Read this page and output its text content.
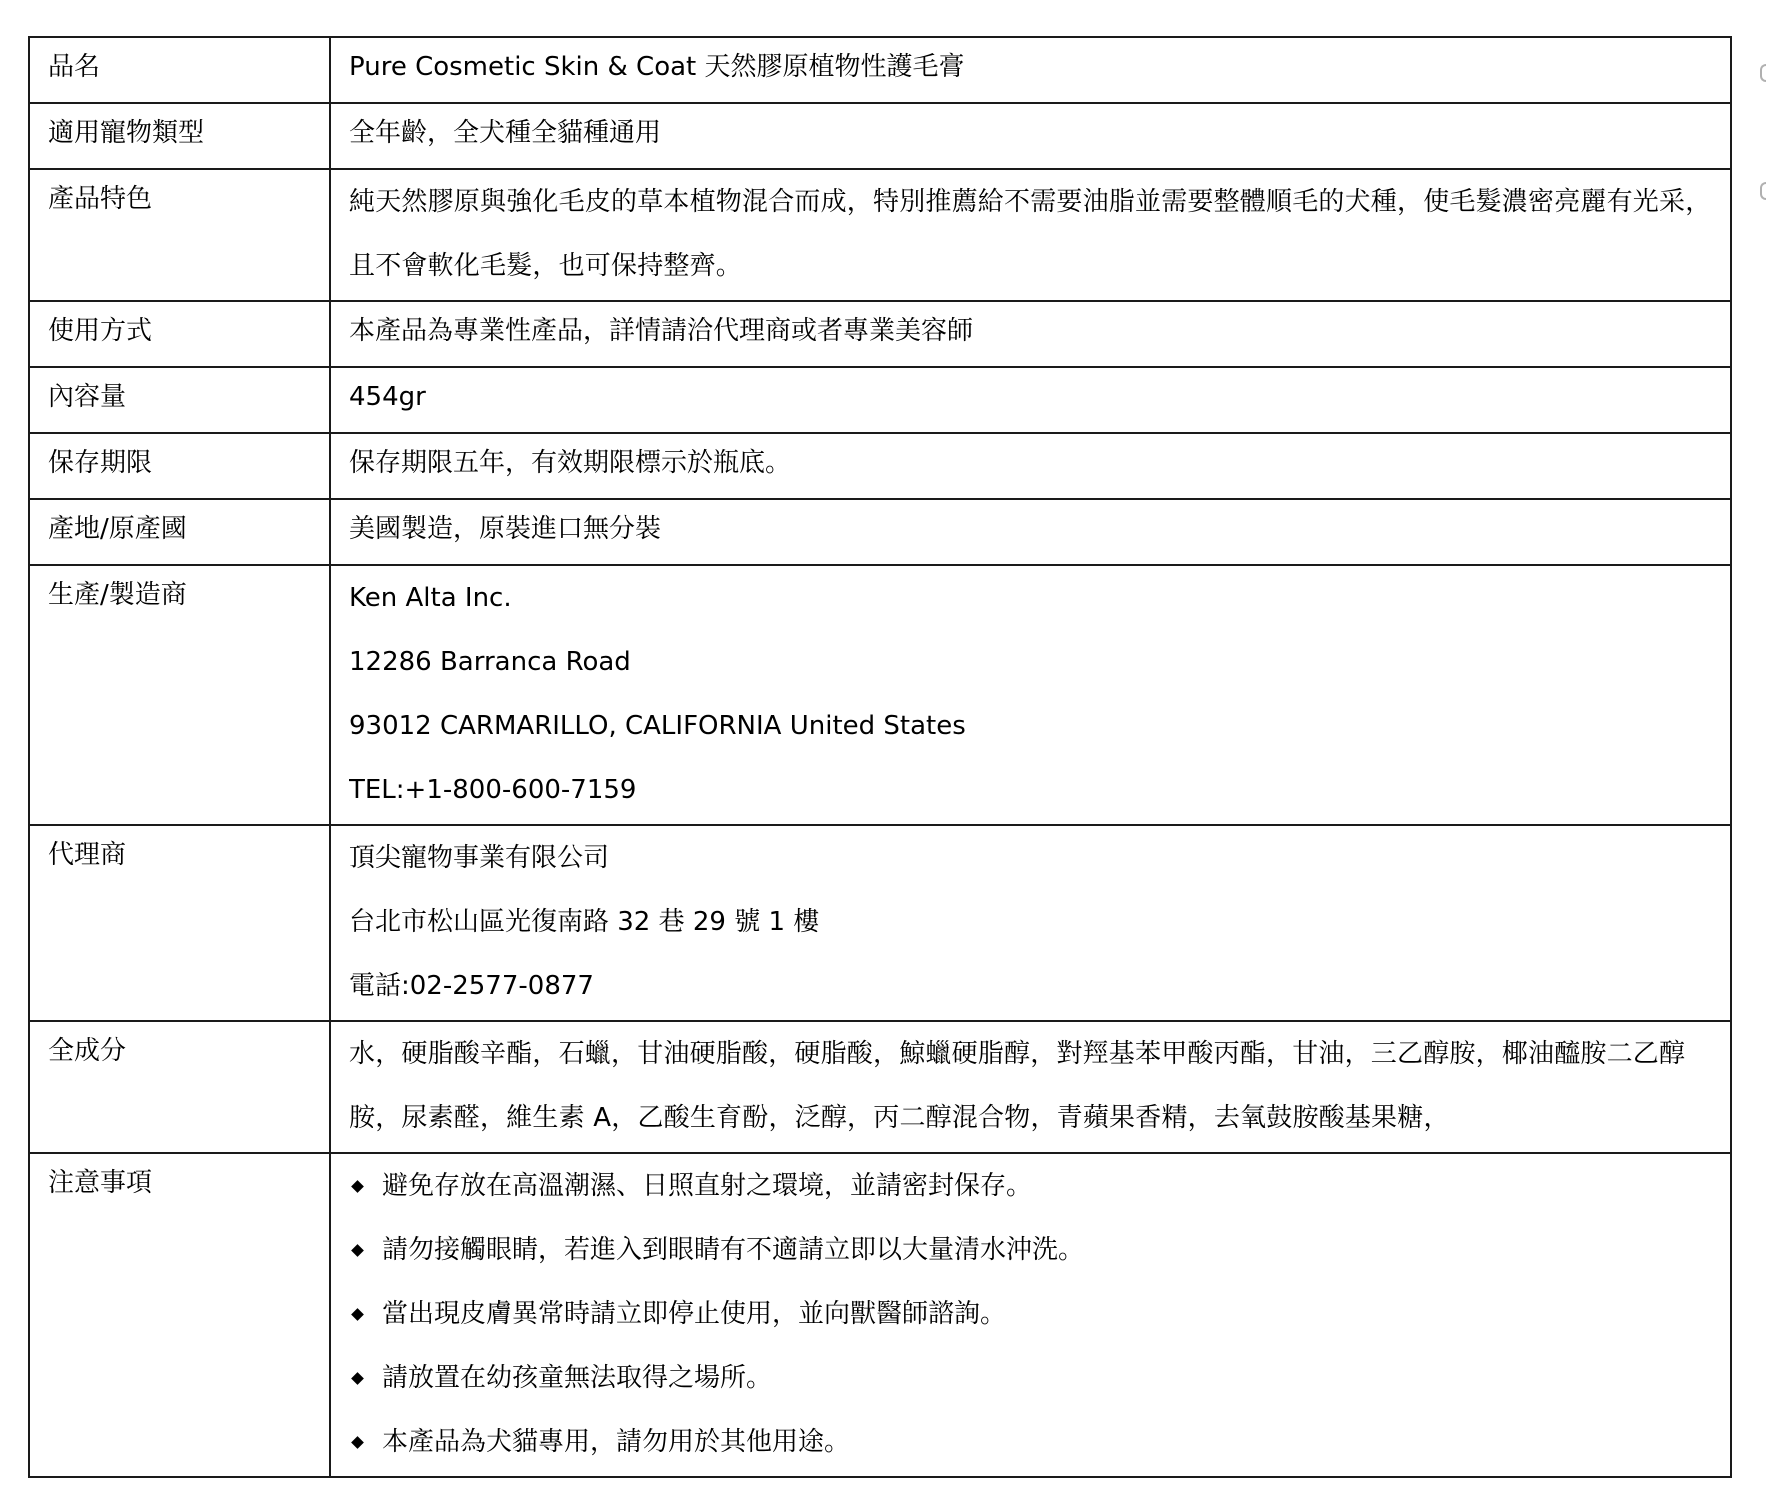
品名	Pure Cosmetic Skin & Coat 天然膠原植物性護毛膏

適用寵物類型	全年齡，全犬種全貓種通用

產品特色	純天然膠原與強化毛皮的草本植物混合而成，特別推薦給不需要油脂並需要整體順毛的犬種，使毛髮濃密亮麗有光采，且不會軟化毛髮，也可保持整齊。

使用方式	本產品為專業性產品，詳情請洽代理商或者專業美容師

內容量	454gr

保存期限	保存期限五年，有效期限標示於瓶底。

產地/原產國	美國製造，原裝進口無分裝

生產/製造商	Ken Alta Inc.
12286 Barranca Road
93012 CARMARILLO, CALIFORNIA United States
TEL:+1-800-600-7159

代理商	頂尖寵物事業有限公司
台北市松山區光復南路 32 巷 29 號 1 樓
電話:02-2577-0877

全成分	水，硬脂酸辛酯，石蠟，甘油硬脂酸，硬脂酸，鯨蠟硬脂醇，對羥基苯甲酸丙酯，甘油，三乙醇胺，椰油醯胺二乙醇胺，尿素醛，維生素 A，乙酸生育酚，泛醇，丙二醇混合物，青蘋果香精，去氧鼓胺酸基果糖，

注意事項	避免存放在高溫潮濕、日照直射之環境，並請密封保存。
請勿接觸眼睛，若進入到眼睛有不適請立即以大量清水沖洗。
當出現皮膚異常時請立即停止使用，並向獸醫師諮詢。
請放置在幼孩童無法取得之場所。
本產品為犬貓專用，請勿用於其他用途。
